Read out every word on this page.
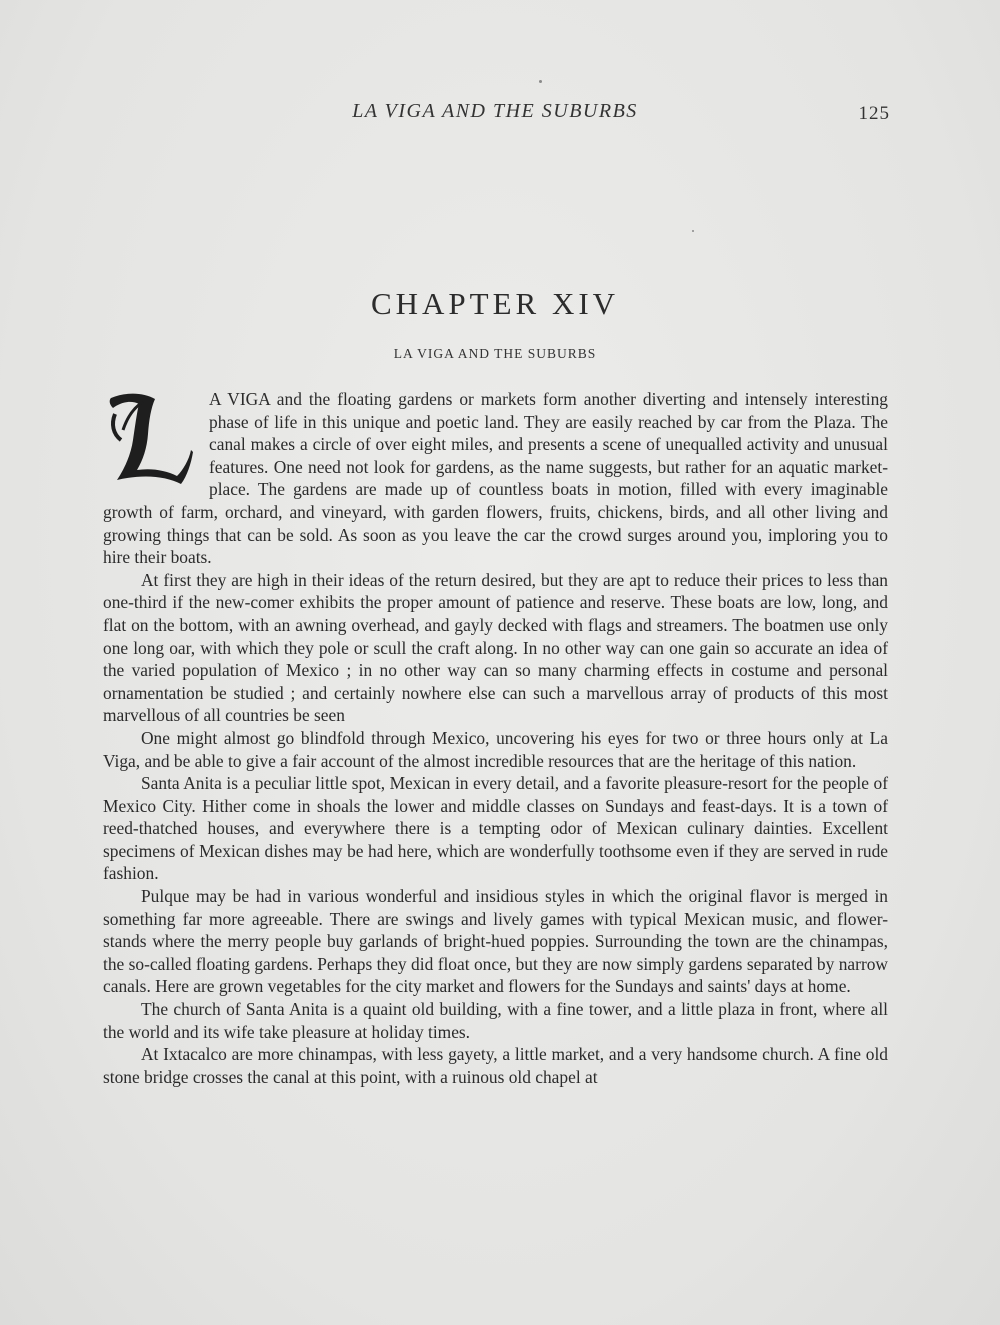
LA VIGA AND THE SUBURBS	125
CHAPTER XIV
LA VIGA AND THE SUBURBS

A VIGA and the floating gardens or markets form another diverting and intensely interesting phase of life in this unique and poetic land. They are easily reached by car from the Plaza. The canal makes a circle of over eight miles, and presents a scene of unequalled activity and unusual features. One need not look for gardens, as the name suggests, but rather for an aquatic market-place. The gardens are made up of countless boats in motion, filled with every imaginable growth of farm, orchard, and vineyard, with garden flowers, fruits, chickens, birds, and all other living and growing things that can be sold. As soon as you leave the car the crowd surges around you, imploring you to hire their boats.

At first they are high in their ideas of the return desired, but they are apt to reduce their prices to less than one-third if the new-comer exhibits the proper amount of patience and reserve. These boats are low, long, and flat on the bottom, with an awning overhead, and gayly decked with flags and streamers. The boatmen use only one long oar, with which they pole or scull the craft along. In no other way can one gain so accurate an idea of the varied population of Mexico ; in no other way can so many charming effects in costume and personal ornamentation be studied ; and certainly nowhere else can such a marvellous array of products of this most marvellous of all countries be seen

One might almost go blindfold through Mexico, uncovering his eyes for two or three hours only at La Viga, and be able to give a fair account of the almost incredible resources that are the heritage of this nation.

Santa Anita is a peculiar little spot, Mexican in every detail, and a favorite pleasure-resort for the people of Mexico City. Hither come in shoals the lower and middle classes on Sundays and feast-days. It is a town of reed-thatched houses, and everywhere there is a tempting odor of Mexican culinary dainties. Excellent specimens of Mexican dishes may be had here, which are wonderfully toothsome even if they are served in rude fashion.

Pulque may be had in various wonderful and insidious styles in which the original flavor is merged in something far more agreeable. There are swings and lively games with typical Mexican music, and flower-stands where the merry people buy garlands of bright-hued poppies. Surrounding the town are the chinampas, the so-called floating gardens. Perhaps they did float once, but they are now simply gardens separated by narrow canals. Here are grown vegetables for the city market and flowers for the Sundays and saints' days at home.

The church of Santa Anita is a quaint old building, with a fine tower, and a little plaza in front, where all the world and its wife take pleasure at holiday times.

At Ixtacalco are more chinampas, with less gayety, a little market, and a very handsome church. A fine old stone bridge crosses the canal at this point, with a ruinous old chapel at
